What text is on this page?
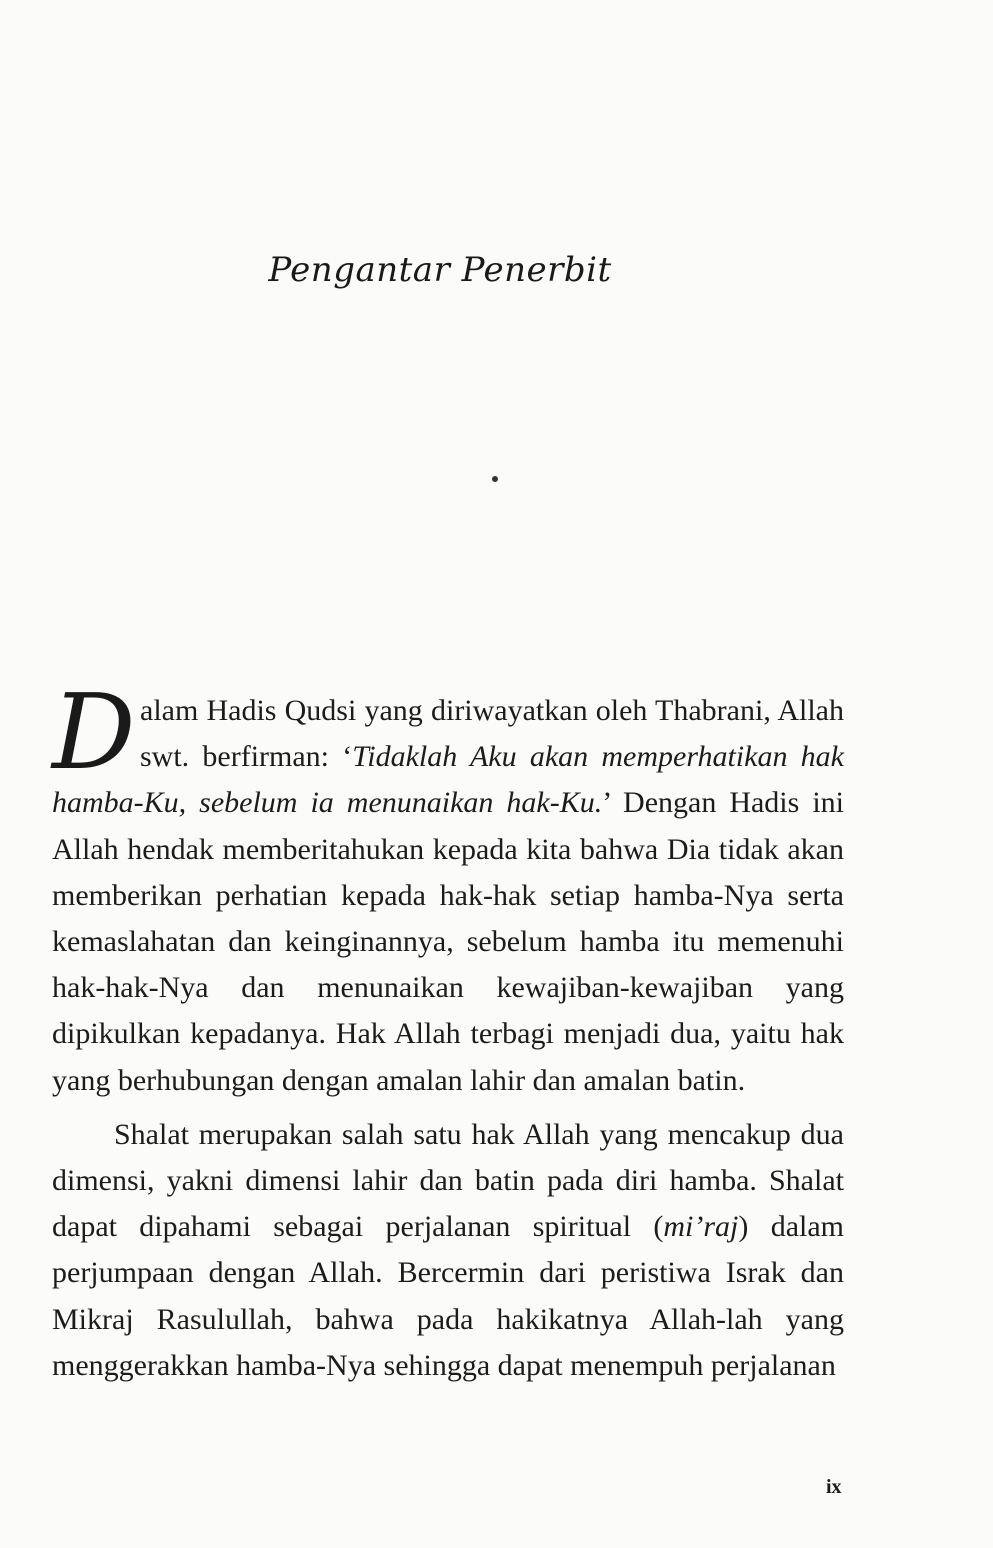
Pengantar Penerbit

Dalam Hadis Qudsi yang diriwayatkan oleh Thabrani, Allah swt. berfirman: ‘Tidaklah Aku akan memperhatikan hak hamba-Ku, sebelum ia menunaikan hak-Ku.’ Dengan Hadis ini Allah hendak memberitahukan kepada kita bahwa Dia tidak akan memberikan perhatian kepada hak-hak setiap hamba-Nya serta kemaslahatan dan keinginannya, sebelum hamba itu memenuhi hak-hak-Nya dan menunaikan kewajiban-kewajiban yang dipikulkan kepadanya. Hak Allah terbagi menjadi dua, yaitu hak yang berhubungan dengan amalan lahir dan amalan batin.

Shalat merupakan salah satu hak Allah yang mencakup dua dimensi, yakni dimensi lahir dan batin pada diri hamba. Shalat dapat dipahami sebagai perjalanan spiritual (mi’raj) dalam perjumpaan dengan Allah. Bercermin dari peristiwa Israk dan Mikraj Rasulullah, bahwa pada hakikatnya Allah-lah yang menggerakkan hamba-Nya sehingga dapat menempuh perjalanan

ix
